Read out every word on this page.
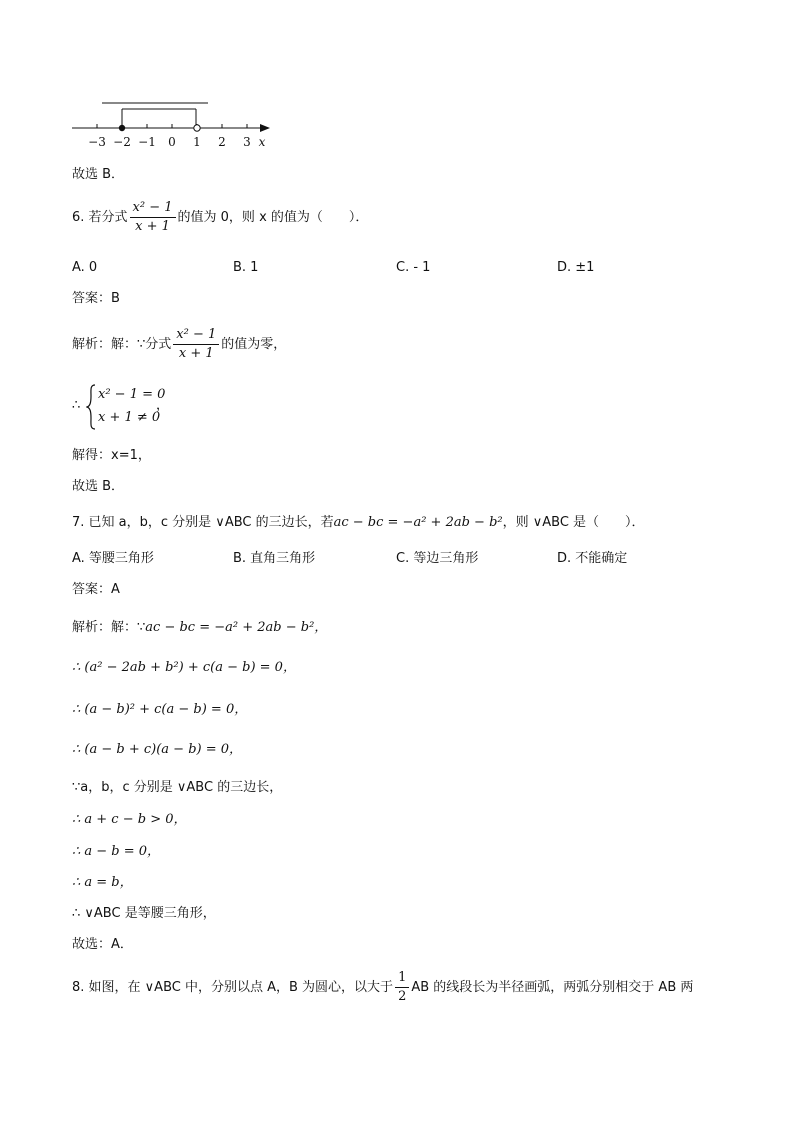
−3 −2 −1 0 1 2 3 x
故选 B．
6. 若分式 $\frac{\text{x² − 1}}{x + 1}$ 的值为 0，则 x 的值为（　　）．
A. 0	B. 1	C. - 1	D. ±1
答案：B
解析：解：∵分式 $\frac{\text{x² − 1}}{x + 1}$ 的值为零，
∴
x² − 1 = 0
x + 1 ≠ 0
，
解得：x=1，
故选 B．
7. 已知 a，b，c 分别是 ∨ABC 的三边长，若ac − bc = −a² + 2ab − b²，则 ∨ABC 是（　　）．
A. 等腰三角形	B. 直角三角形	C. 等边三角形	D. 不能确定
答案：A
解析：解：∵ac − bc = −a² + 2ab − b²，
∴ (a² − 2ab + b²) + c(a − b) = 0，
∴ (a − b)² + c(a − b) = 0，
∴ (a − b + c)(a − b) = 0，
∵a，b，c 分别是 ∨ABC 的三边长，
∴ a + c − b > 0，
∴ a − b = 0，
∴ a = b，
∴ ∨ABC 是等腰三角形，
故选：A．
8. 如图，在 ∨ABC 中，分别以点 A，B 为圆心，以大于 $\frac{1}{2}$ AB 的线段长为半径画弧，两弧分别相交于 AB 两
